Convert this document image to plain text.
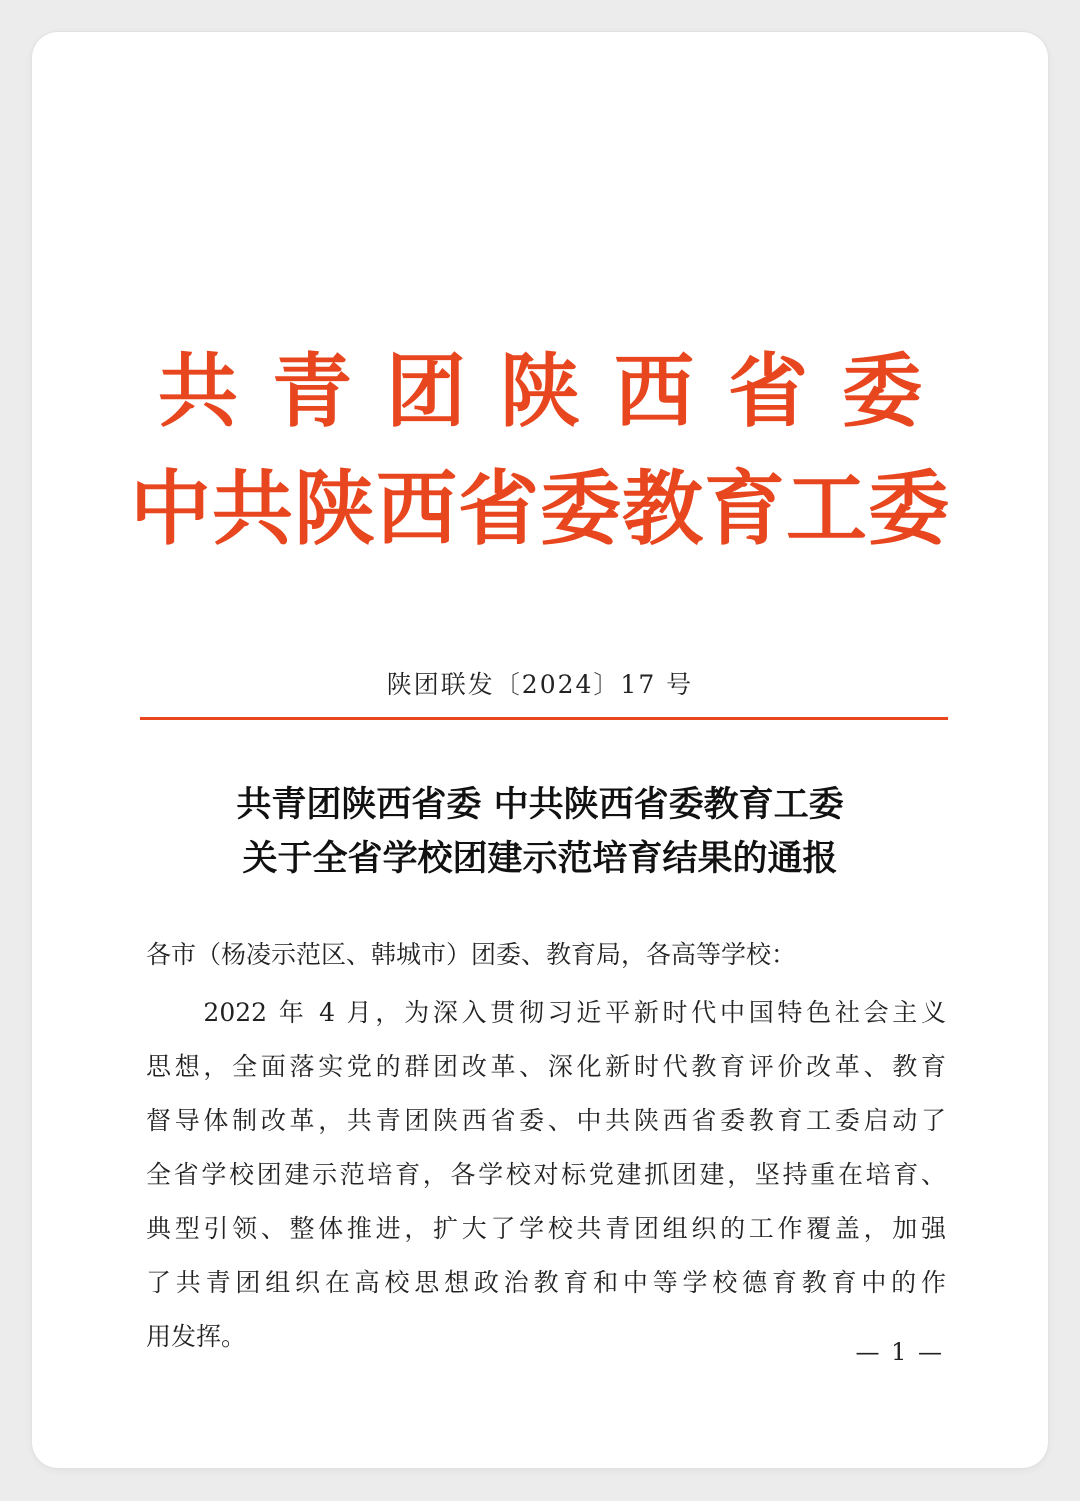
共青团陕西省委
中共陕西省委教育工委
陕团联发〔2024〕17 号
共青团陕西省委 中共陕西省委教育工委
关于全省学校团建示范培育结果的通报
各市（杨凌示范区、韩城市）团委、教育局，各高等学校：
　　2022 年 4 月，为深入贯彻习近平新时代中国特色社会主义
思想，全面落实党的群团改革、深化新时代教育评价改革、教育
督导体制改革，共青团陕西省委、中共陕西省委教育工委启动了
全省学校团建示范培育，各学校对标党建抓团建，坚持重在培育、
典型引领、整体推进，扩大了学校共青团组织的工作覆盖，加强
了共青团组织在高校思想政治教育和中等学校德育教育中的作
用发挥。
— 1 —
